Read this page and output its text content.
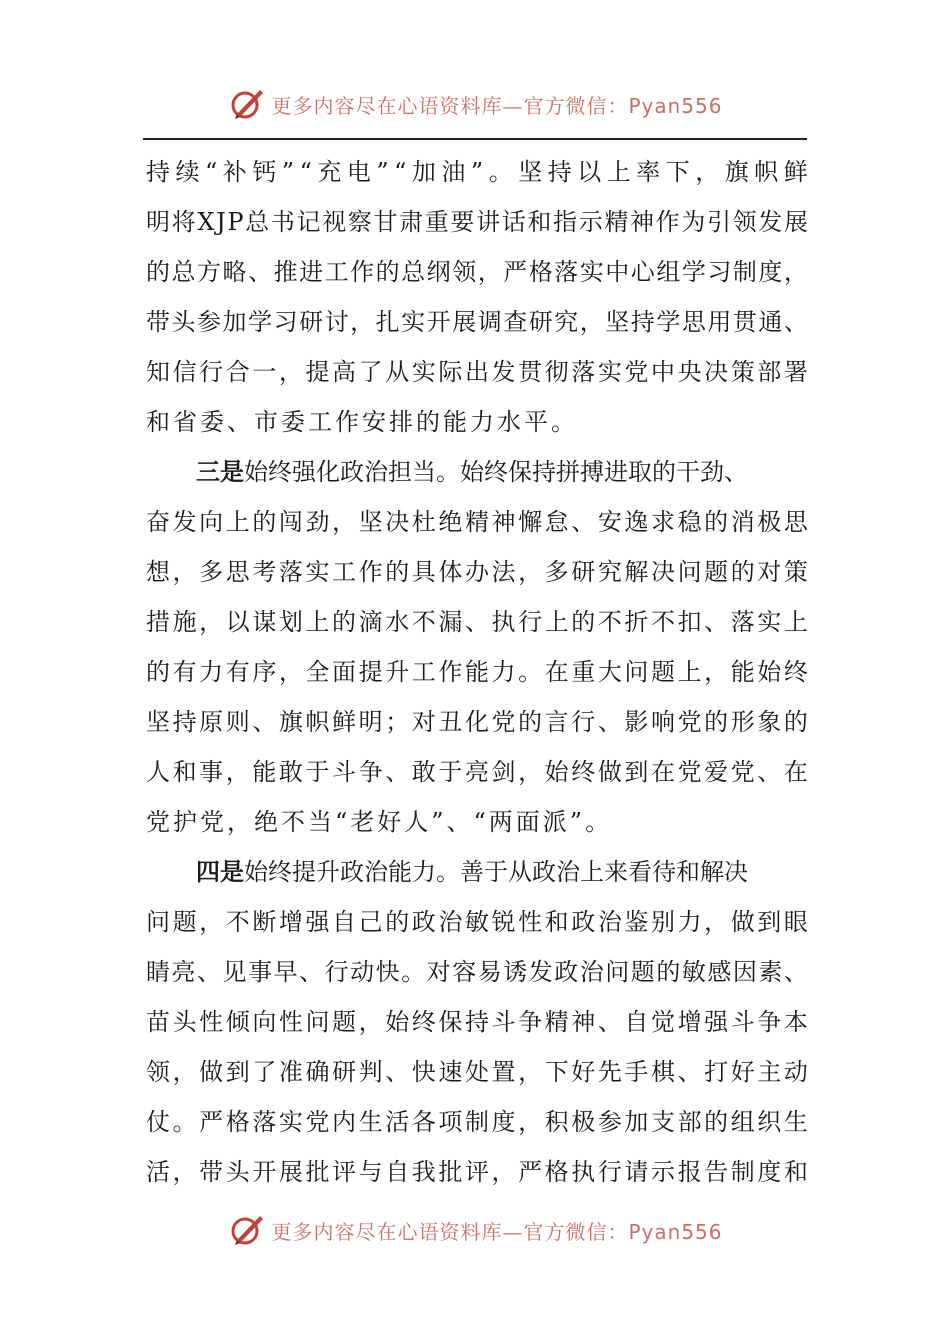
更多内容尽在心语资料库—官方微信：Pyan556
持 续 “ 补 钙 ” “ 充 电 ” “ 加 油 ” 。 坚 持 以 上 率 下 ， 旗 帜 鲜
明 将 X J P 总 书 记 视 察 甘 肃 重 要 讲 话 和 指 示 精 神 作 为 引 领 发 展
的 总 方 略 、 推 进 工 作 的 总 纲 领 ， 严 格 落 实 中 心 组 学 习 制 度 ，
带 头 参 加 学 习 研 讨 ， 扎 实 开 展 调 查 研 究 ， 坚 持 学 思 用 贯 通 、
知 信 行 合 一 ， 提 高 了 从 实 际 出 发 贯 彻 落 实 党 中 央 决 策 部 署
和省委、市委工作安排的能力水平。
三是始终强化政治担当。始终保持拼搏进取的干劲、
奋 发 向 上 的 闯 劲 ， 坚 决 杜 绝 精 神 懈 怠 、 安 逸 求 稳 的 消 极 思
想 ， 多 思 考 落 实 工 作 的 具 体 办 法 ， 多 研 究 解 决 问 题 的 对 策
措 施 ， 以 谋 划 上 的 滴 水 不 漏 、 执 行 上 的 不 折 不 扣 、 落 实 上
的 有 力 有 序 ， 全 面 提 升 工 作 能 力 。 在 重 大 问 题 上 ， 能 始 终
坚 持 原 则 、 旗 帜 鲜 明 ； 对 丑 化 党 的 言 行 、 影 响 党 的 形 象 的
人 和 事 ， 能 敢 于 斗 争 、 敢 于 亮 剑 ， 始 终 做 到 在 党 爱 党 、 在
党护党，绝不当“老好人”、“两面派”。
四是始终提升政治能力。善于从政治上来看待和解决
问 题 ， 不 断 增 强 自 己 的 政 治 敏 锐 性 和 政 治 鉴 别 力 ， 做 到 眼
睛 亮 、 见 事 早 、 行 动 快 。 对 容 易 诱 发 政 治 问 题 的 敏 感 因 素 、
苗 头 性 倾 向 性 问 题 ， 始 终 保 持 斗 争 精 神 、 自 觉 增 强 斗 争 本
领 ， 做 到 了 准 确 研 判 、 快 速 处 置 ， 下 好 先 手 棋 、 打 好 主 动
仗 。 严 格 落 实 党 内 生 活 各 项 制 度 ， 积 极 参 加 支 部 的 组 织 生
活 ， 带 头 开 展 批 评 与 自 我 批 评 ， 严 格 执 行 请 示 报 告 制 度 和
更多内容尽在心语资料库—官方微信：Pyan556
